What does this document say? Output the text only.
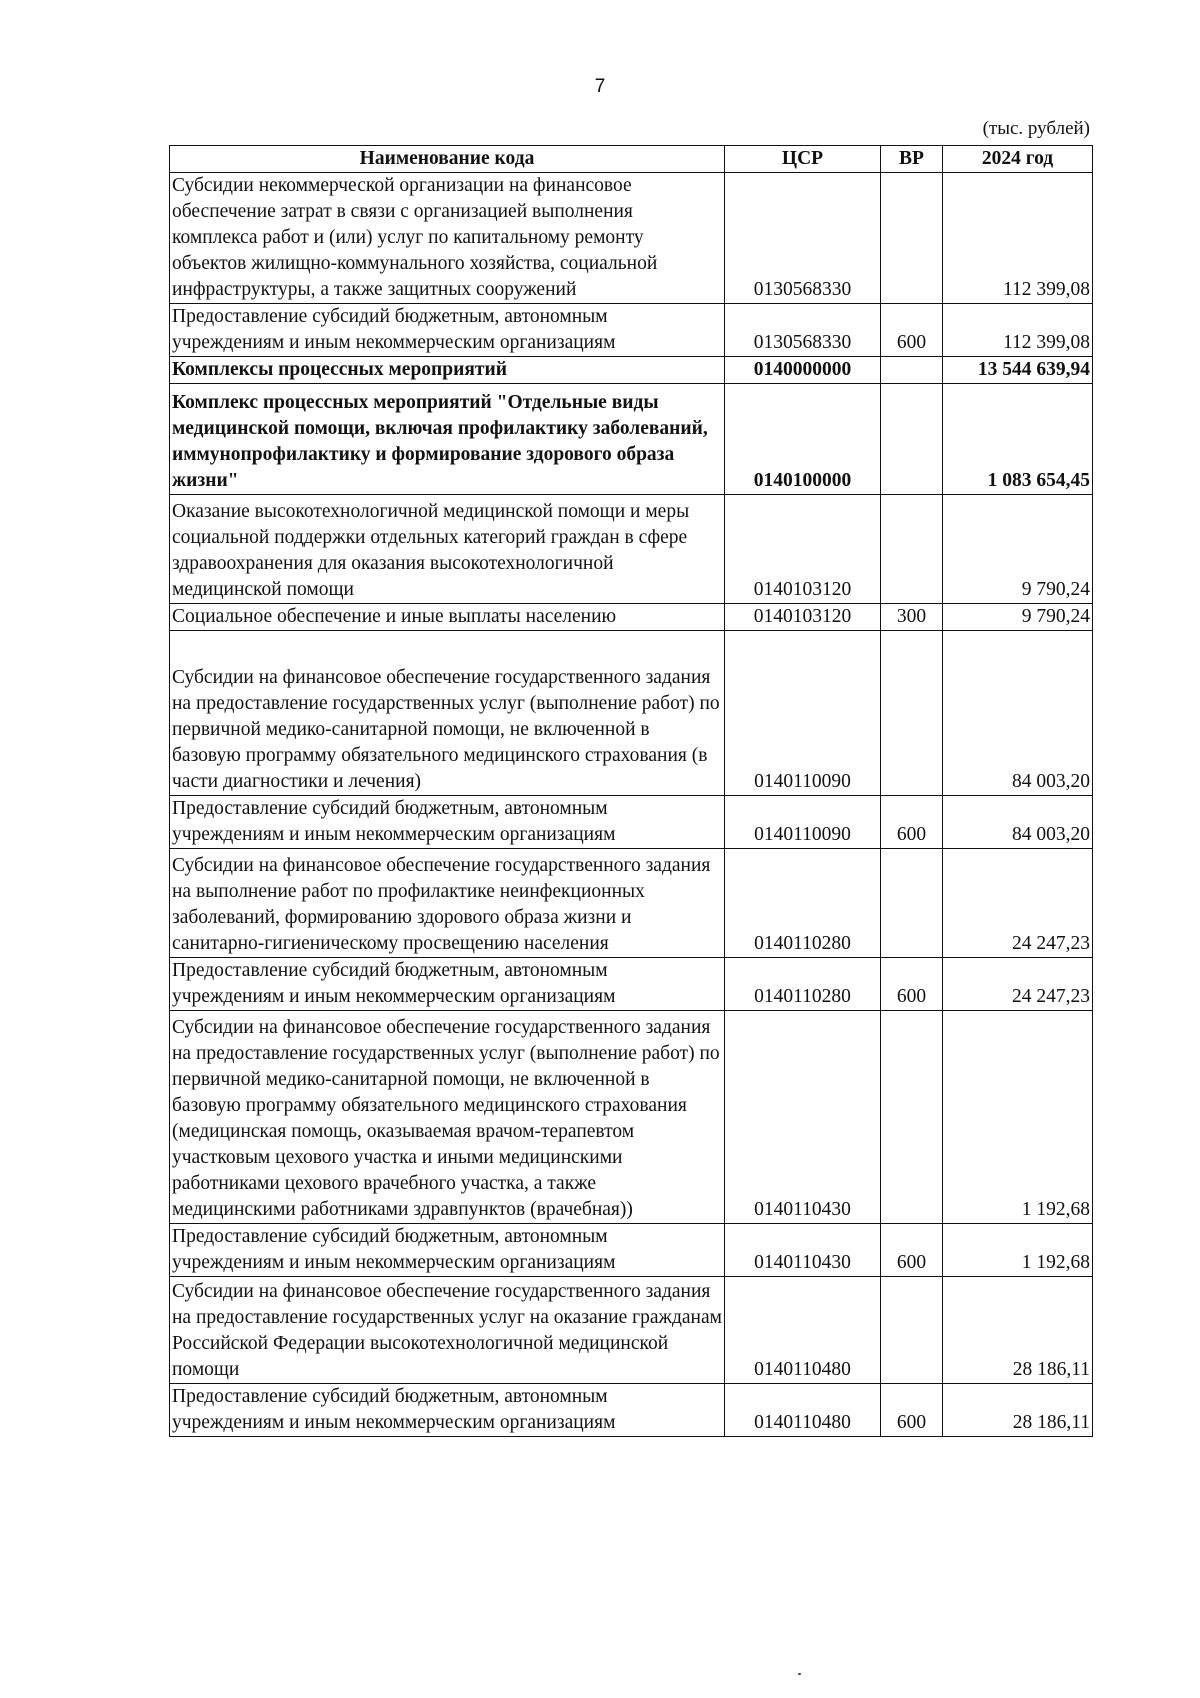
7
(тыс. рублей)
Наименование кода	ЦСР	ВР	2024 год
Субсидии некоммерческой организации на финансовое обеспечение затрат в связи с организацией выполнения комплекса работ и (или) услуг по капитальному ремонту объектов жилищно-коммунального хозяйства, социальной инфраструктуры, а также защитных сооружений	0130568330		112 399,08
Предоставление субсидий бюджетным, автономным учреждениям и иным некоммерческим организациям	0130568330	600	112 399,08
Комплексы процессных мероприятий	0140000000		13 544 639,94
Комплекс процессных мероприятий "Отдельные виды медицинской помощи, включая профилактику заболеваний, иммунопрофилактику и формирование здорового образа жизни"	0140100000		1 083 654,45
Оказание высокотехнологичной медицинской помощи и меры социальной поддержки отдельных категорий граждан в сфере здравоохранения для оказания высокотехнологичной медицинской помощи	0140103120		9 790,24
Социальное обеспечение и иные выплаты населению	0140103120	300	9 790,24
Субсидии на финансовое обеспечение государственного задания на предоставление государственных услуг (выполнение работ) по первичной медико-санитарной помощи, не включенной в базовую программу обязательного медицинского страхования (в части диагностики и лечения)	0140110090		84 003,20
Предоставление субсидий бюджетным, автономным учреждениям и иным некоммерческим организациям	0140110090	600	84 003,20
Субсидии на финансовое обеспечение государственного задания на выполнение работ по профилактике неинфекционных заболеваний, формированию здорового образа жизни и санитарно-гигиеническому просвещению населения	0140110280		24 247,23
Предоставление субсидий бюджетным, автономным учреждениям и иным некоммерческим организациям	0140110280	600	24 247,23
Субсидии на финансовое обеспечение государственного задания на предоставление государственных услуг (выполнение работ) по первичной медико-санитарной помощи, не включенной в базовую программу обязательного медицинского страхования (медицинская помощь, оказываемая врачом-терапевтом участковым цехового участка и иными медицинскими работниками цехового врачебного участка, а также медицинскими работниками здравпунктов (врачебная))	0140110430		1 192,68
Предоставление субсидий бюджетным, автономным учреждениям и иным некоммерческим организациям	0140110430	600	1 192,68
Субсидии на финансовое обеспечение государственного задания на предоставление государственных услуг на оказание гражданам Российской Федерации высокотехнологичной медицинской помощи	0140110480		28 186,11
Предоставление субсидий бюджетным, автономным учреждениям и иным некоммерческим организациям	0140110480	600	28 186,11
